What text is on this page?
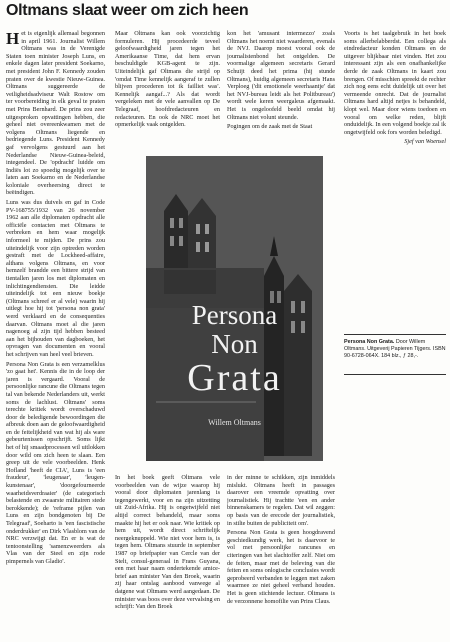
Oltmans slaat weer om zich heen

Het is eigenlijk allemaal begonnen in april 1961. Journalist Willem Oltmans was in de Verenigde Staten toen minister Joseph Luns, en enkele dagen later president Soekarno, met president John F. Kennedy zouden praten over de kwestie Nieuw-Guinea. Oltmans suggereerde de veiligheidsadviseur Walt Rostow om ter voorbereiding in elk geval te praten met Prins Bernhard. De prins zou zeer uitgesproken opvattingen hebben, die geheel niet overeenkwamen met de volgens Oltmans liegende en bedriegende Luns. President Kennedy gaf vervolgens gestuurd aan het Nederlandse Nieuw-Guinea-beleid, integendeel. De 'opdracht' luidde om Indiës lot zo spoedig mogelijk over te laten aan Soekarno en de Nederlandse koloniale overheersing direct te beëindigen.

Luns was dus duivels en gaf in Code PV-168755/1932 van 26 november 1962 aan alle diplomaten opdracht alle officiële contacten met Oltmans te verbreken en hem waar mogelijk informeel te mijden. De prins zou uiteindelijk voor zijn optreden worden gestraft met de Lockheed-affaire, althans volgens Oltmans, en voor hemzelf brandde een bittere strijd van tientallen jaren los met diplomaten en inlichtingendiensten. Die leidde uiteindelijk tot een nieuw boekje (Oltmans schreef er al vele) waarin hij uitlegt hoe hij tot 'persona non grata' werd verklaard en de consequenties daarvan. Oltmans moet al die jaren nagenoeg al zijn tijd hebben besteed aan het bijhouden van dagboeken, het opvragen van documenten en vooral het schrijven van heel veel brieven.

Persona Non Grata is een verzamelklus 'zo gaat het'. Kennis die in de loop der jaren is vergaard. Vooral de persoonlijke rancune die Oltmans tegen tal van bekende Nederlanders uit, werkt soms de lachlust. Oltmans' soms terechte kritiek wordt overschaduwd door de beledigende bewoordingen die afbreuk doen aan de geloofwaardigheid en de feitelijkheid van wat hij als ware gebeurtenissen opschrijft. Soms lijkt het of hij smaadprocessen wil uitlokken door wild om zich heen te slaan. Een greep uit de vele voorbeelden. Henk Hofland 'heeft de CIA', Luns is 'een fraudeur', 'leugenaar', 'leugen-kunstenaar', 'doorgefourneerde waarheidsverdraaier' (de categorisch belastende en zwaarste militairen stede berokkende); de 'reframe pijlen van Luns en zijn bondgenoten bij De Telegraaf', Soeharto is 'een fascistische onderdrukker' en Dirk Vlasblom van de NRC verzwijgt dat. En er is wat de tentoonstelling 'samenzweerders als Vlas van der Steel en zijn rode pimpernels van Gladio'.

Maar Oltmans kan ook voorzichtig formuleren. Hij procedeerde teveel geloofwaardigheid jaren tegen het Amerikaanse Time, dat hem ervan beschuldigde KGB-agent te zijn. Uiteindelijk gaf Oltmans die strijd op 'omdat Time kennelijk aangeraf te zullen blijven procederen tot ik failliet was'. Kennelijk aangaf...? Als dat wordt vergeleken met de vele aanvallen op De Telegraaf, hoofdredacteuren en redacteuren. En ook de NRC moet het opmerkelijk vaak ontgelden.

kon het 'amusant intermezzo' zoals Oltmans het noemt niet waarderen, evenals de NVJ. Daarop moest vooral ook de journalistenbond het ontgelden. De voormalige algemeen secretaris Gerard Schuijt deed het prima (hij stunde Oltmans), huidig algemeen secretaris Hans Verploeg ('dit emotionele weerhaantje' dat het NVJ-bureau leidt als het Politbureau') wordt wele keren weergaleus afgemaakt. Het is ongeloofeld beeld omdat hij Oltmans niet volunt steunde.

Pogingen om de zaak met de Staat

Voorts is het taalgebruik in het boek soms allerbelabberdst. Een collega als eindredacteur konden Oltmans en de uitgever blijkbaar niet vinden. Het zou interessant zijn als een onafhankelijke derde de zaak Oltmans in kaart zou brengen. Of misschien spreekt de rechter zich nog eens echt duidelijk uit over het vermeende onrecht. Dat de journalist Oltmans hard altijd netjes is behandeld, klopt wel. Maar door wiens toedoen en vooral om welke reden, blijft onduidelijk. In een volgend boekje zal ik ongetwijfeld ook fors worden beledigd.

Sjef van Woensel

Persona Non Grata. Door Willem Oltmans. Uitgeverij Papieren Tijgers. ISBN 90-6728-064X. 184 blz., ƒ 28,-.

Persona
Non
Grata
Willem Oltmans

In het boek geeft Oltmans vele voorbeelden van de wijze waarop hij vooral door diplomaten jarenlang is tegengewerkt, voor en na zijn uitzetting uit Zuid-Afrika. Hij is ongetwijfeld niet altijd correct behandeld, maar soms maakte hij het er ook naar. Wie kritiek op hem uit, wordt direct schriftelijk neergeknuppeld. Wie niet voor hem is, is tegen hem. Oltmans stuurde in september 1987 op briefpapier van Cercle van der Stelt, consul-generaal in Frans Guyana, een met haar naam ondertekende amice-brief aan minister Van den Broek, waarin zij haar ontslag aanbood vanwege al datgene wat Oltmans werd aangedaan. De minister was boos over deze vervalsing en schrijft: Van den Broek

in der minne te schikken, zijn inmiddels mislukt. Oltmans heeft in passages daarover een vreemde opvatting over journalistiek. Hij trachtte 'een en ander binnenskamers te regelen. Dat wil zeggen: op basis van de erecode der journalistiek, in stilte buiten de publiciteit om'.

Persona Non Grata is geen hoogdravend geschiedkundig werk, het is daarvoor te vol met persoonlijke rancunes en citeringen van het slachtoffer zelf. Niet om de feiten, maar met de beleving van die feiten en soms onlogische conclusies wordt geprobeerd verbanden te leggen met zaken waarmee ze niet geheel verband houden. Het is geen stichtende lectuur. Oltmans is de verzonnene homofilie van Prins Claus.
